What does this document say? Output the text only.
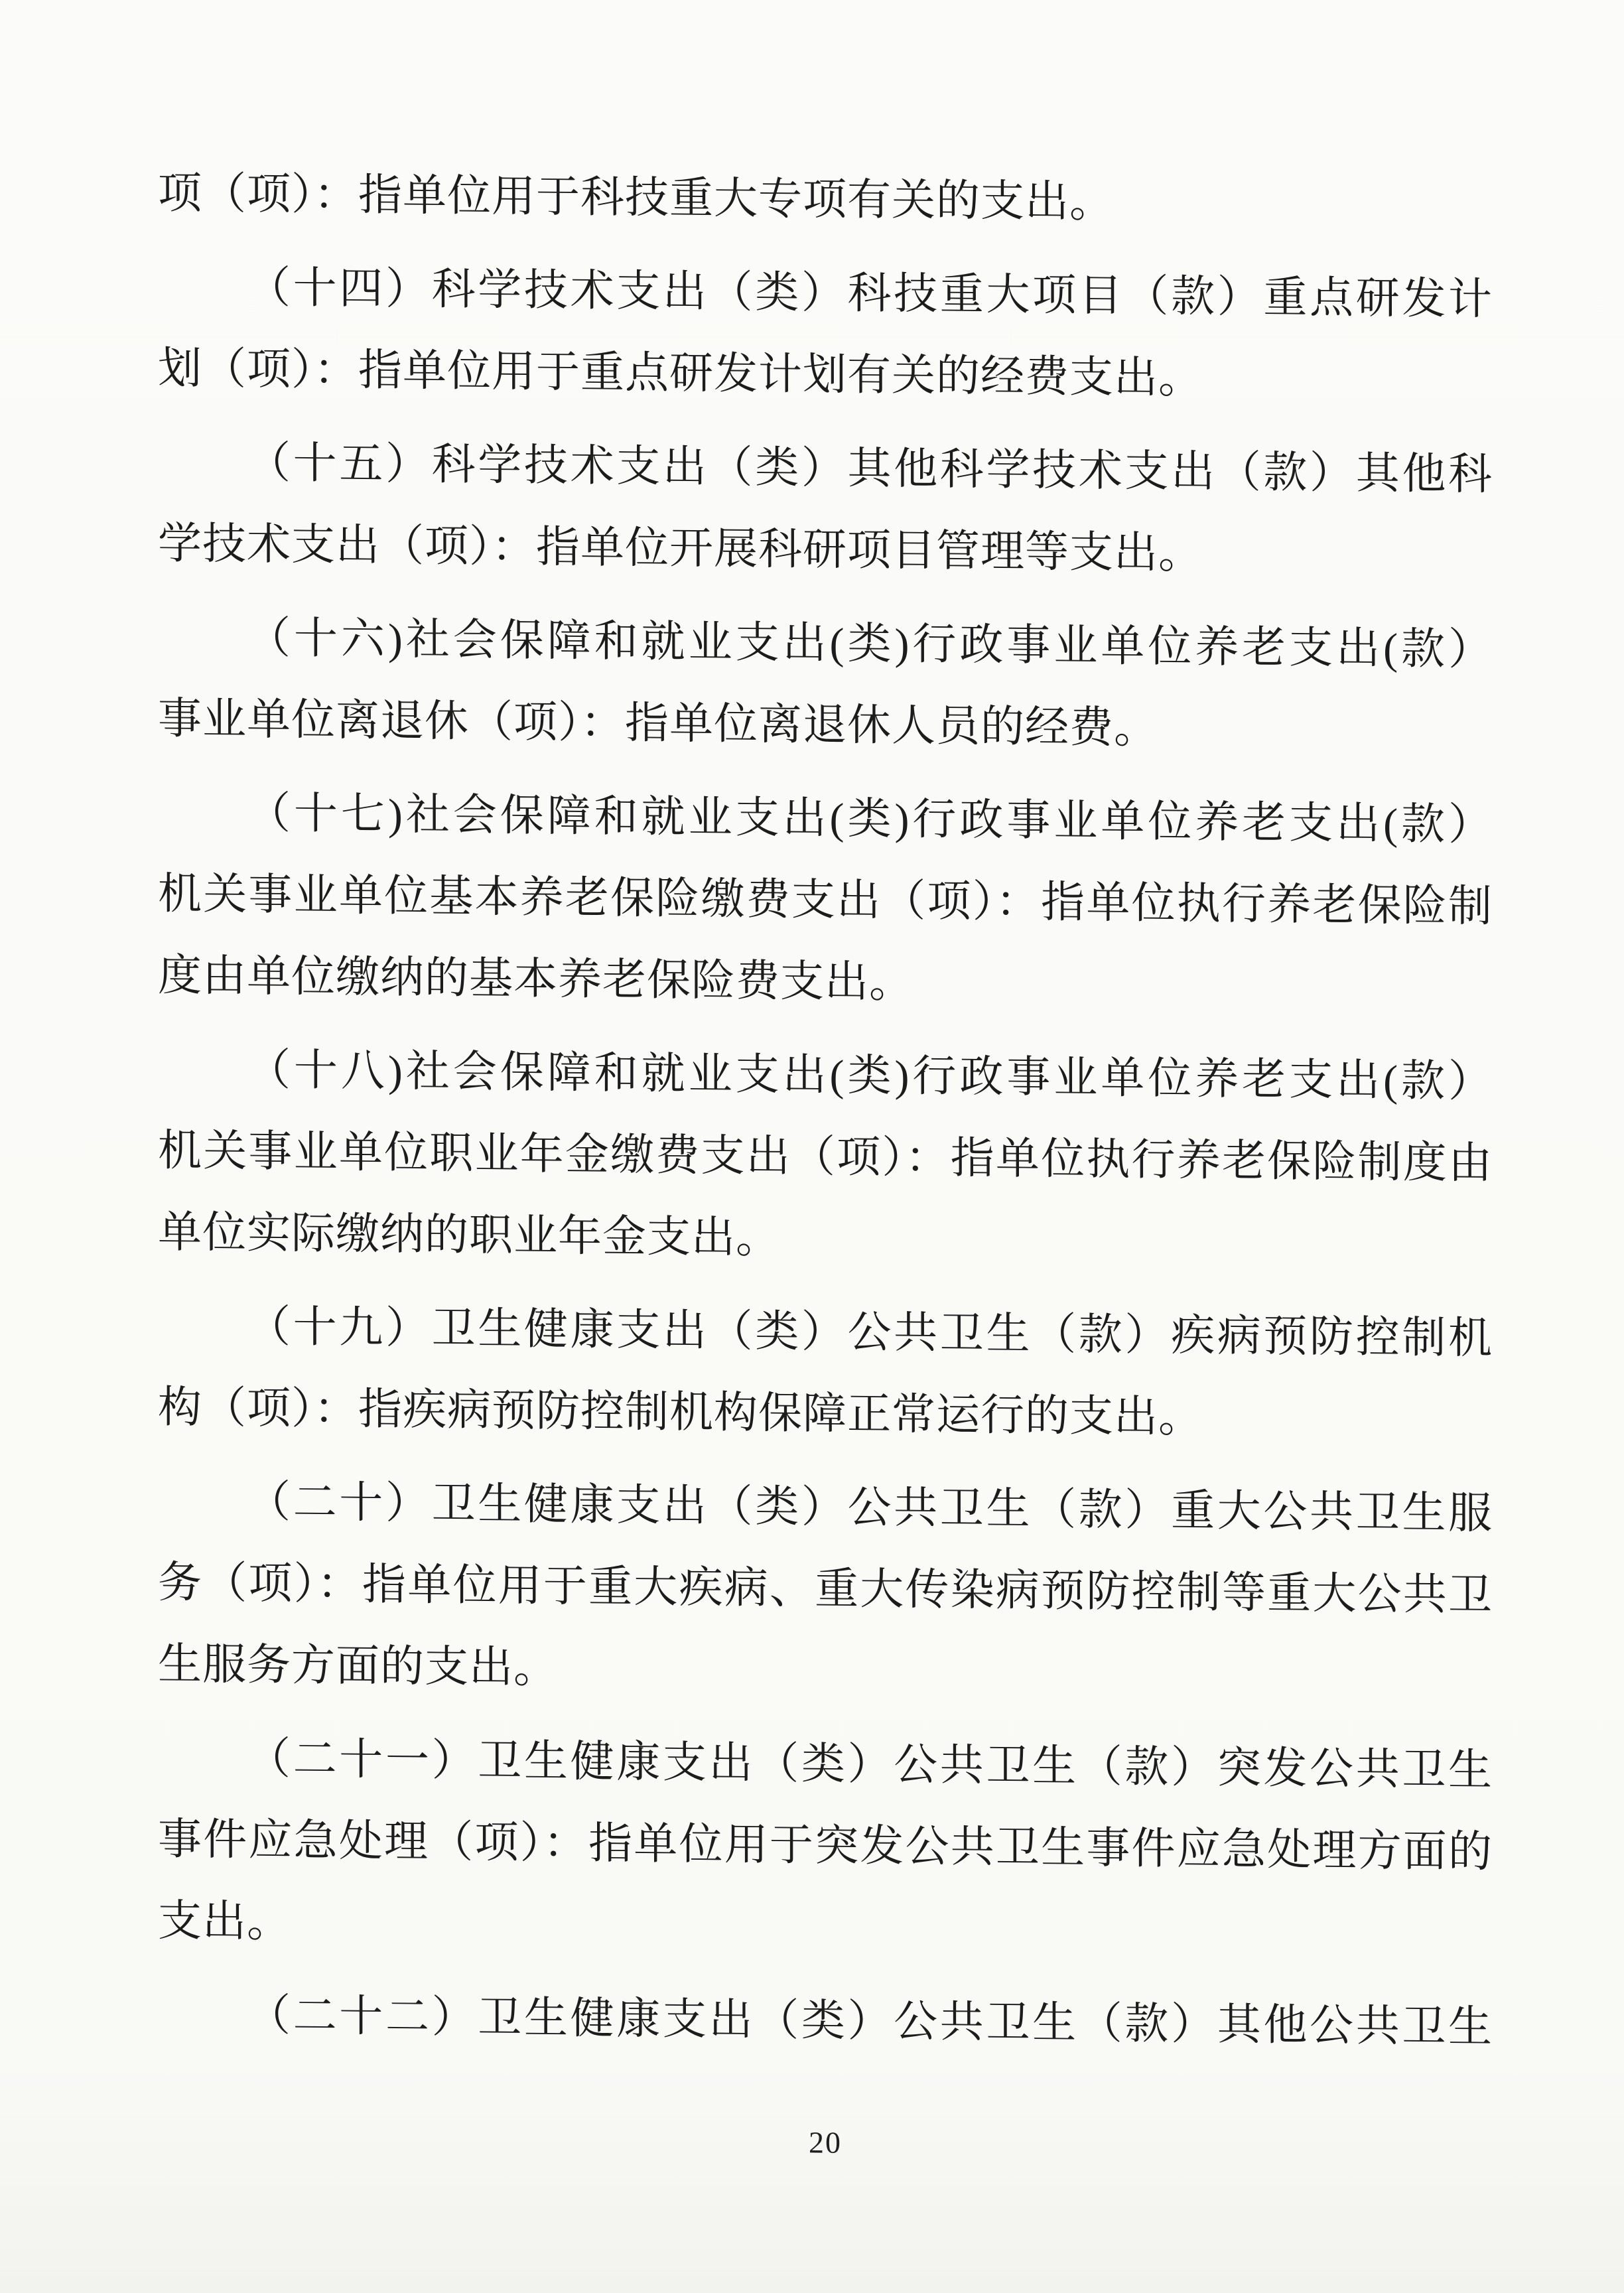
项（项）：指单位用于科技重大专项有关的支出。
（十四）科学技术支出（类）科技重大项目（款）重点研发计
划（项）：指单位用于重点研发计划有关的经费支出。
（十五）科学技术支出（类）其他科学技术支出（款）其他科
学技术支出（项）：指单位开展科研项目管理等支出。
（十六)社会保障和就业支出(类)行政事业单位养老支出(款）
事业单位离退休（项）：指单位离退休人员的经费。
（十七)社会保障和就业支出(类)行政事业单位养老支出(款）
机关事业单位基本养老保险缴费支出（项）：指单位执行养老保险制
度由单位缴纳的基本养老保险费支出。
（十八)社会保障和就业支出(类)行政事业单位养老支出(款）
机关事业单位职业年金缴费支出（项）：指单位执行养老保险制度由
单位实际缴纳的职业年金支出。
（十九）卫生健康支出（类）公共卫生（款）疾病预防控制机
构（项）：指疾病预防控制机构保障正常运行的支出。
（二十）卫生健康支出（类）公共卫生（款）重大公共卫生服
务（项）：指单位用于重大疾病、重大传染病预防控制等重大公共卫
生服务方面的支出。
（二十一）卫生健康支出（类）公共卫生（款）突发公共卫生
事件应急处理（项）：指单位用于突发公共卫生事件应急处理方面的
支出。
（二十二）卫生健康支出（类）公共卫生（款）其他公共卫生
20
